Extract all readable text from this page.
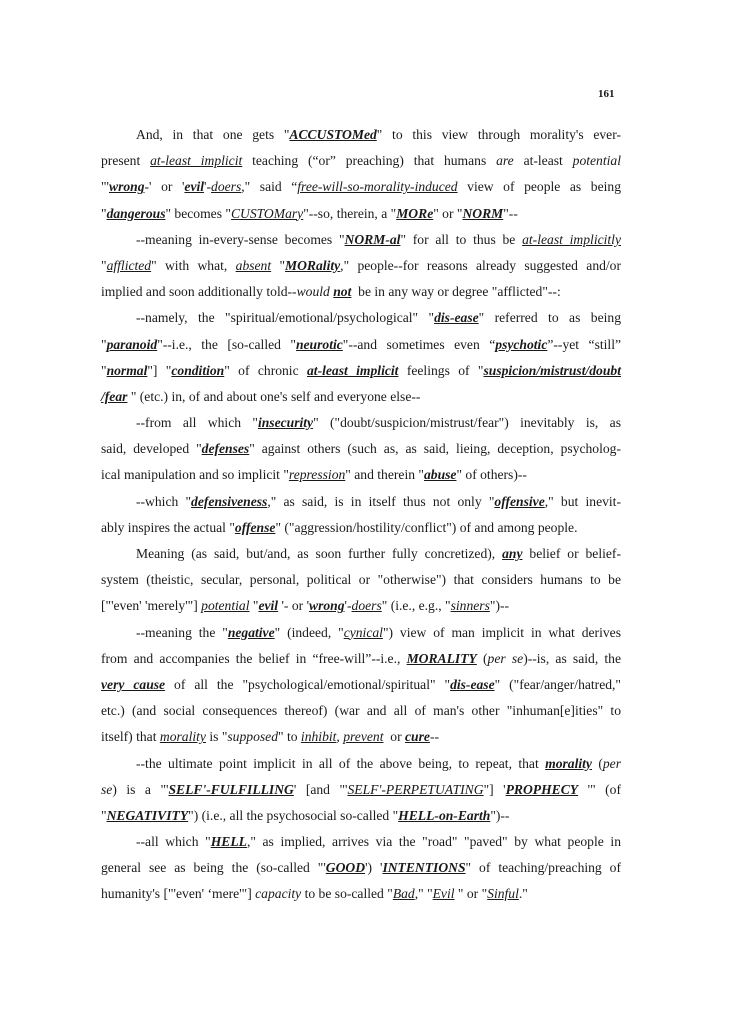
161
And, in that one gets "ACCUSTOMed" to this view through morality's ever-
present at-least implicit teaching (“or” preaching) that humans are at-least potential
"'wrong-' or 'evil'-doers," said “free-will-so-morality-induced view of people as being
"dangerous" becomes "CUSTOMary"--so, therein, a "MORe" or "NORM"--
--meaning in-every-sense becomes "NORM-al" for all to thus be at-least implicitly
"afflicted" with what, absent "MORality," people--for reasons already suggested and/or
implied and soon additionally told--would not  be in any way or degree "afflicted"--:
--namely, the "spiritual/emotional/psychological" "dis-ease" referred to as being
"paranoid"--i.e., the [so-called "neurotic"--and sometimes even “psychotic”--yet “still”
"normal"] "condition" of chronic at-least implicit feelings of "suspicion/mistrust/doubt
/fear " (etc.) in, of and about one's self and everyone else--
--from all which "insecurity" ("doubt/suspicion/mistrust/fear") inevitably is, as
said, developed "defenses" against others (such as, as said, lieing, deception, psycholog-
ical manipulation and so implicit "repression" and therein "abuse" of others)--
--which "defensiveness," as said, is in itself thus not only "offensive," but inevit-
ably inspires the actual "offense" ("aggression/hostility/conflict") of and among people.
Meaning (as said, but/and, as soon further fully concretized), any belief or belief-
system (theistic, secular, personal, political or "otherwise") that considers humans to be
["'even' 'merely'"] potential "evil '- or 'wrong'-doers" (i.e., e.g., "sinners")--
--meaning the "negative" (indeed, "cynical") view of man implicit in what derives
from and accompanies the belief in “free-will”--i.e., MORALITY (per se)--is, as said, the
very cause of all the "psychological/emotional/spiritual" "dis-ease" ("fear/anger/hatred,"
etc.) (and social consequences thereof) (war and all of man's other "inhuman[e]ities" to
itself) that morality is "supposed" to inhibit, prevent  or cure--
--the ultimate point implicit in all of the above being, to repeat, that morality (per
se) is a "'SELF'-FULFILLING' [and "'SELF'-PERPETUATING"] 'PROPHECY '" (of
"NEGATIVITY") (i.e., all the psychosocial so-called "HELL-on-Earth")--
--all which "HELL," as implied, arrives via the "road" "paved" by what people in
general see as being the (so-called "'GOOD') 'INTENTIONS" of teaching/preaching of
humanity's ["'even' ‘mere'"] capacity to be so-called "Bad," "Evil " or "Sinful."
